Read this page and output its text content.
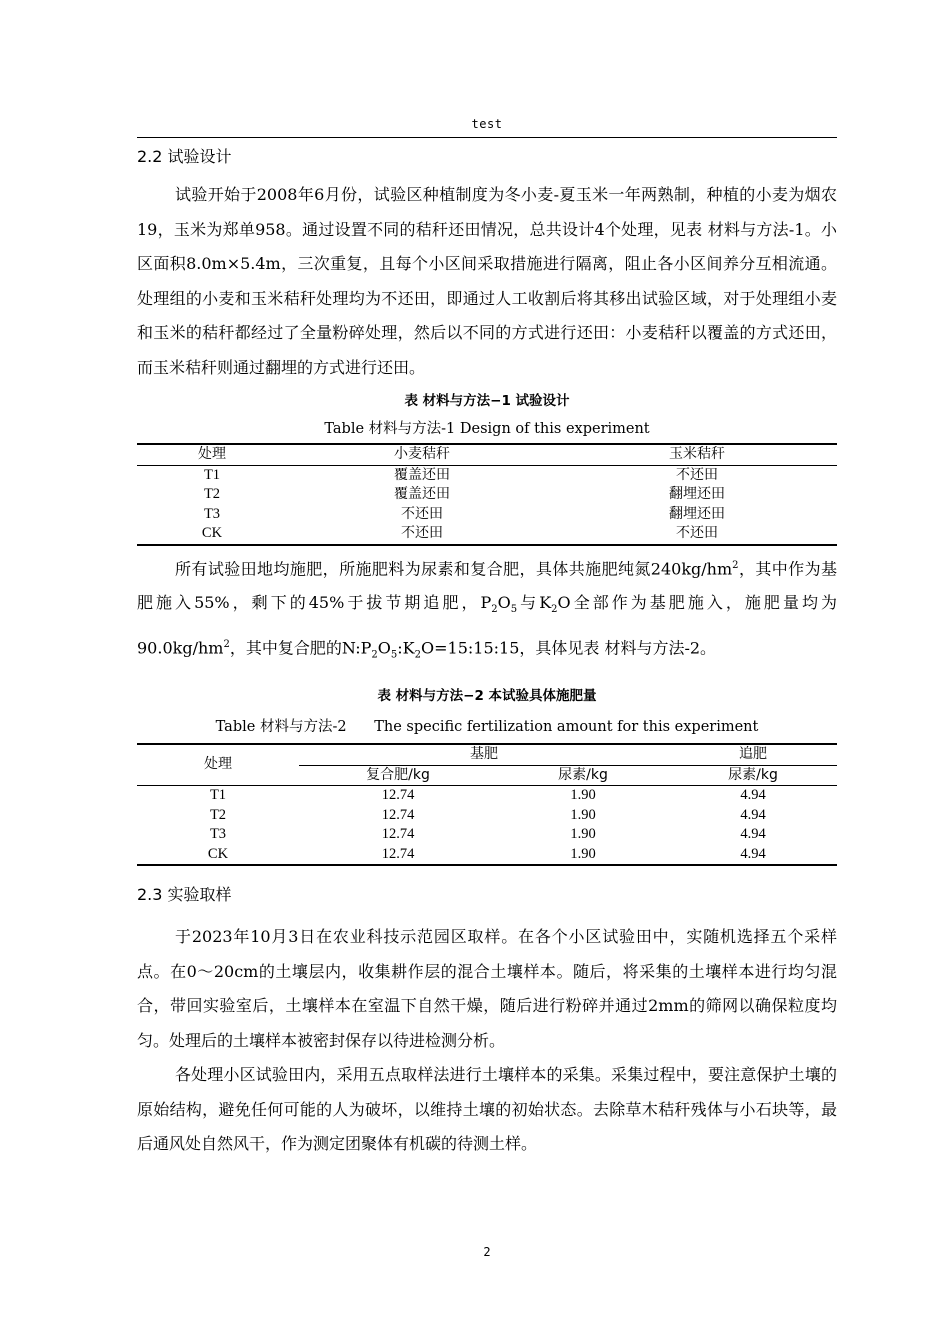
test
2.2 试验设计

试验开始于2008年6月份，试验区种植制度为冬小麦-夏玉米一年两熟制，种植的小麦为烟农19，玉米为郑单958。通过设置不同的秸秆还田情况，总共设计4个处理，见表 材料与方法-1。小区面积8.0m×5.4m，三次重复，且每个小区间采取措施进行隔离，阻止各小区间养分互相流通。处理组的小麦和玉米秸秆处理均为不还田，即通过人工收割后将其移出试验区域，对于处理组小麦和玉米的秸秆都经过了全量粉碎处理，然后以不同的方式进行还田：小麦秸秆以覆盖的方式还田，而玉米秸秆则通过翻埋的方式进行还田。

表 材料与方法−1 试验设计

Table 材料与方法-1 Design of this experiment

处理	小麦秸秆	玉米秸秆
T1	覆盖还田	不还田
T2	覆盖还田	翻埋还田
T3	不还田	翻埋还田
CK	不还田	不还田

所有试验田地均施肥，所施肥料为尿素和复合肥，具体共施肥纯氮$240kg/hm^2$，其中作为基肥施入55%，剩下的45%于拔节期追肥，$P_2O_5$与$K_2O$全部作为基肥施入，施肥量均为$90.0kg/hm^2$，其中复合肥的$N:P_2O_5:K_2O=15:15:15$，具体见表 材料与方法-2。

表 材料与方法−2 本试验具体施肥量

Table 材料与方法-2      The specific fertilization amount for this experiment

处理	基肥		追肥
	复合肥/kg	尿素/kg	尿素/kg
T1	12.74	1.90	4.94
T2	12.74	1.90	4.94
T3	12.74	1.90	4.94
CK	12.74	1.90	4.94
2.3 实验取样

于2023年10月3日在农业科技示范园区取样。在各个小区试验田中，实随机选择五个采样点。在0～20cm的土壤层内，收集耕作层的混合土壤样本。随后，将采集的土壤样本进行均匀混合，带回实验室后，土壤样本在室温下自然干燥，随后进行粉碎并通过2mm的筛网以确保粒度均匀。处理后的土壤样本被密封保存以待进检测分析。

各处理小区试验田内，采用五点取样法进行土壤样本的采集。采集过程中，要注意保护土壤的原始结构，避免任何可能的人为破坏，以维持土壤的初始状态。去除草木秸秆残体与小石块等，最后通风处自然风干，作为测定团聚体有机碳的待测土样。

2
